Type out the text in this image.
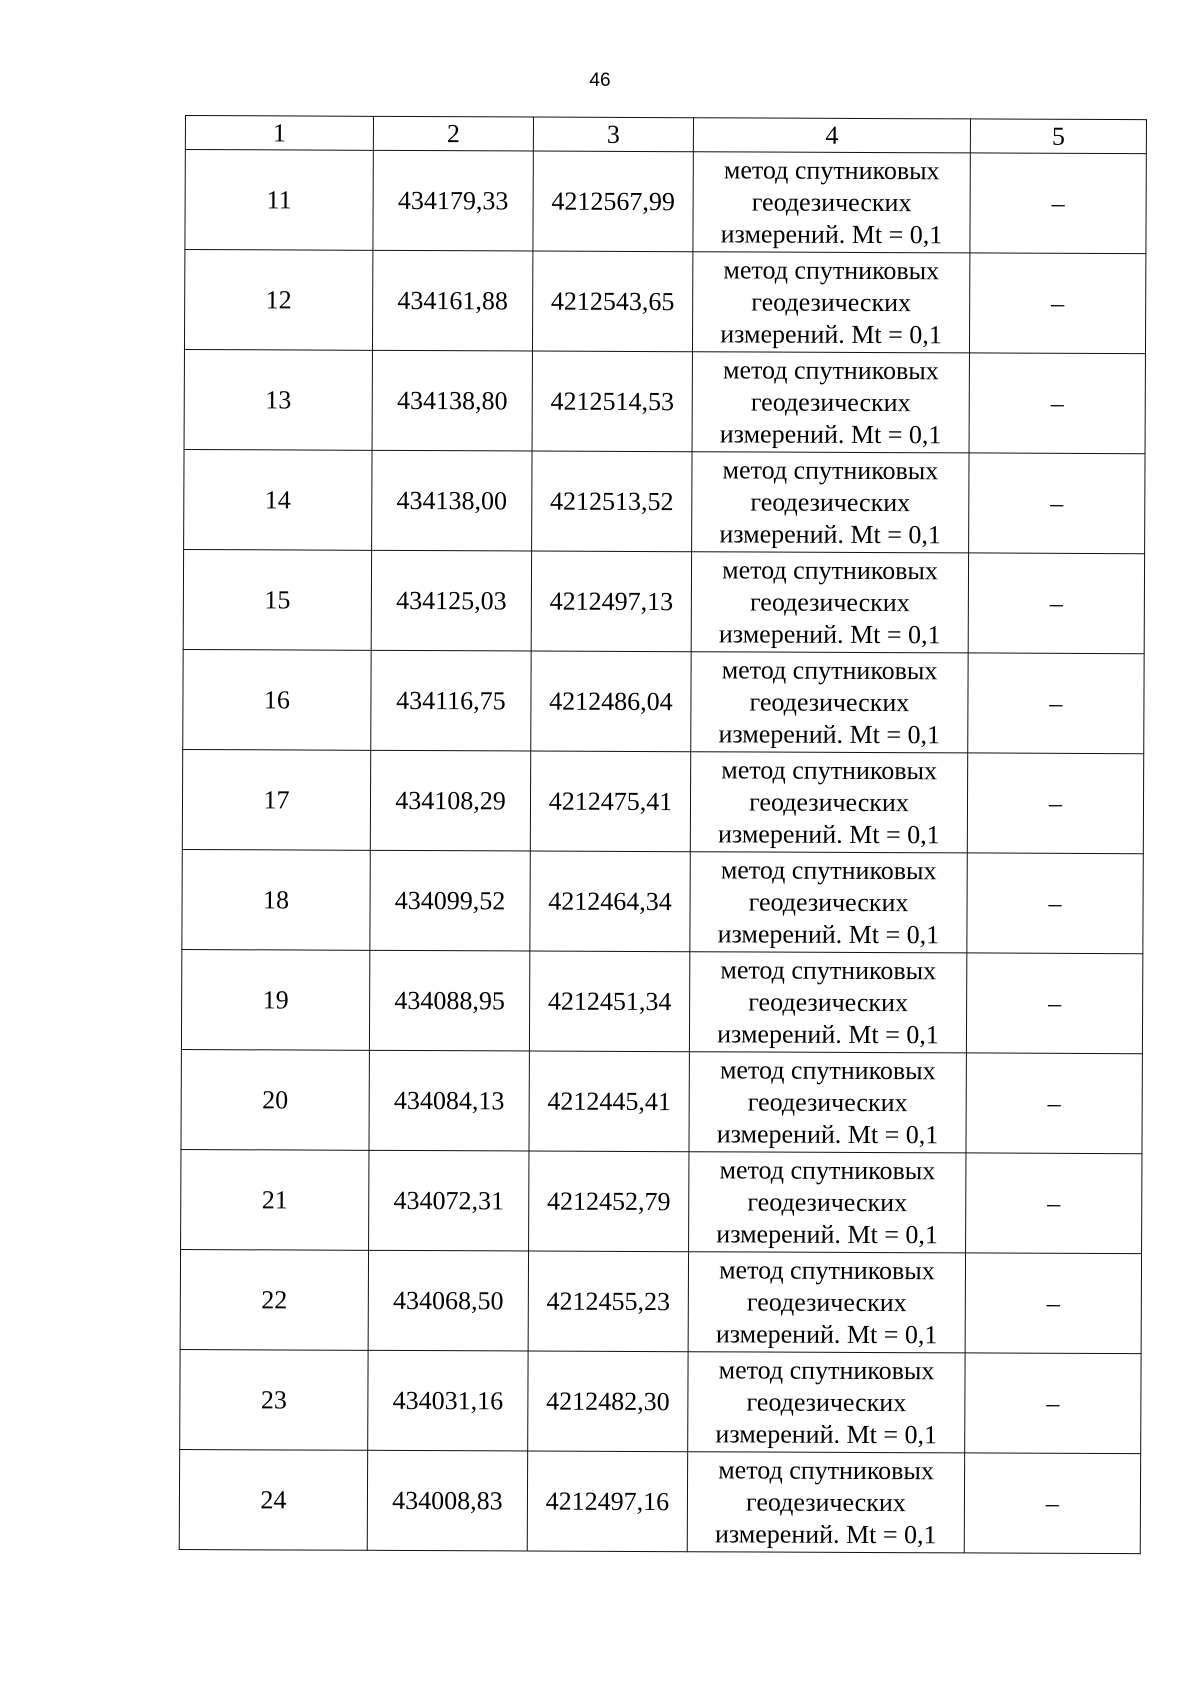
46
1	2	3	4	5
11	434179,33	4212567,99	метод спутниковых
геодезических
измерений. Mt = 0,1	–
12	434161,88	4212543,65	метод спутниковых
геодезических
измерений. Mt = 0,1	–
13	434138,80	4212514,53	метод спутниковых
геодезических
измерений. Mt = 0,1	–
14	434138,00	4212513,52	метод спутниковых
геодезических
измерений. Mt = 0,1	–
15	434125,03	4212497,13	метод спутниковых
геодезических
измерений. Mt = 0,1	–
16	434116,75	4212486,04	метод спутниковых
геодезических
измерений. Mt = 0,1	–
17	434108,29	4212475,41	метод спутниковых
геодезических
измерений. Mt = 0,1	–
18	434099,52	4212464,34	метод спутниковых
геодезических
измерений. Mt = 0,1	–
19	434088,95	4212451,34	метод спутниковых
геодезических
измерений. Mt = 0,1	–
20	434084,13	4212445,41	метод спутниковых
геодезических
измерений. Mt = 0,1	–
21	434072,31	4212452,79	метод спутниковых
геодезических
измерений. Mt = 0,1	–
22	434068,50	4212455,23	метод спутниковых
геодезических
измерений. Mt = 0,1	–
23	434031,16	4212482,30	метод спутниковых
геодезических
измерений. Mt = 0,1	–
24	434008,83	4212497,16	метод спутниковых
геодезических
измерений. Mt = 0,1	–
